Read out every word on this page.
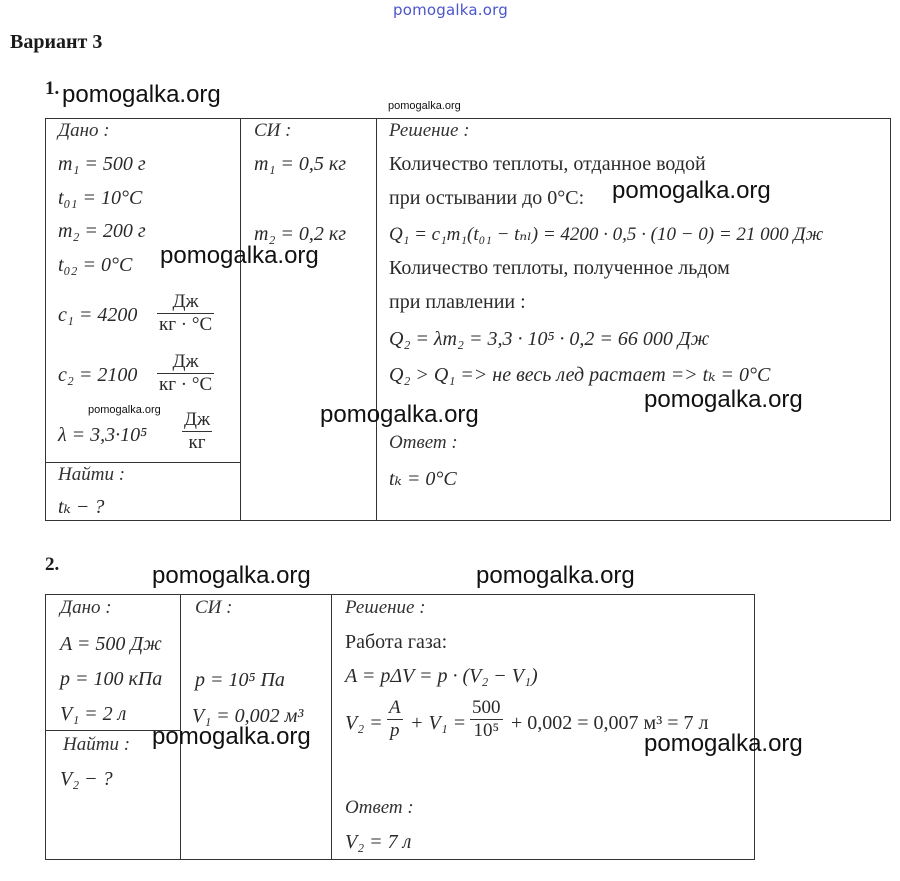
pomogalka.org
Вариант 3
1. pomogalka.org	pomogalka.org
Дано :
m₁ = 500 г
t₀₁ = 10°C
m₂ = 200 г
t₀₂ = 0°C
c₁ = 4200
Дж
кг · °C
c₂ = 2100
Дж
кг · °C
pomogalka.org
λ = 3,3·10⁵
Дж
кг
Найти :
tₖ − ?
СИ :
m₁ = 0,5 кг
m₂ = 0,2 кг
Решение :
Количество теплоты, отданное водой
при остывании до 0°C: pomogalka.org
Q₁ = c₁m₁(t₀₁ − tₙₗ) = 4200 · 0,5 · (10 − 0) = 21 000 Дж
pomogalka.org	Количество теплоты, полученное льдом
при плавлении :
Q₂ = λm₂ = 3,3 · 10⁵ · 0,2 = 66 000 Дж
Q₂ > Q₁ => не весь лед растает => tₖ = 0°C
pomogalka.org
pomogalka.org
Ответ :
tₖ = 0°C
2.	pomogalka.org	pomogalka.org
Дано :
A = 500 Дж
p = 100 кПа
V₁ = 2 л
Найти :
V₂ − ?
СИ :
p = 10⁵ Па
V₁ = 0,002 м³
pomogalka.org
Решение :
Работа газа:
A = pΔV = p · (V₂ − V₁)
$V_2 = \frac{A}{p} + V_1 = \frac{500}{\text{10⁵}} + 0,002 = 0,007$ м³ = 7 л
pomogalka.org
Ответ :
V₂ = 7 л
